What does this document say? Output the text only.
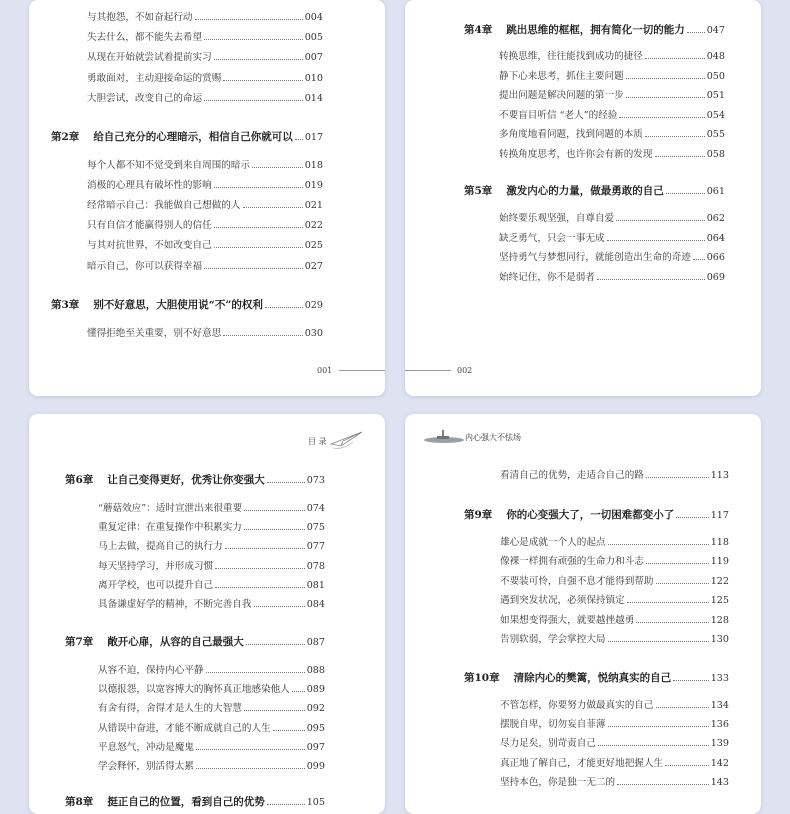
与其抱怨，不如奋起行动	004
失去什么，都不能失去希望	005
从现在开始就尝试着提前实习	007
勇敢面对，主动迎接命运的赏赐	010
大胆尝试，改变自己的命运	014
第2章 给自己充分的心理暗示，相信自己你就可以 017
每个人都不知不觉受到来自周围的暗示	018
消极的心理具有破坏性的影响	019
经常暗示自己：我能做自己想做的人	021
只有自信才能赢得别人的信任	022
与其对抗世界，不如改变自己	025
暗示自己，你可以获得幸福	027
第3章 别不好意思，大胆使用说“不”的权利	029
懂得拒绝至关重要，别不好意思	030
001
第4章 跳出思维的框框，拥有简化一切的能力 047
转换思维，往往能找到成功的捷径	048
静下心来思考，抓住主要问题	050
提出问题是解决问题的第一步	051
不要盲目听信 “老人”的经验	054
多角度地看问题，找到问题的本质	055
转换角度思考，也许你会有新的发现	058
第5章 激发内心的力量，做最勇敢的自己	061
始终要乐观坚强，自尊自爱	062
缺乏勇气，只会一事无成	064
坚持勇气与梦想同行，就能创造出生命的奇迹 066
始终记住，你不是弱者	069
002
目 录
第6章 让自己变得更好，优秀让你变强大	073
“蘑菇效应”：适时宣泄出来很重要	074
重复定律：在重复操作中积累实力	075
马上去做，提高自己的执行力	077
每天坚持学习，并形成习惯	078
离开学校，也可以提升自己	081
具备谦虚好学的精神，不断完善自我	084
第7章 敞开心扉，从容的自己最强大	087
从容不迫，保持内心平静	088
以德报怨，以宽容博大的胸怀真正地感染他人 089
有舍有得，舍得才是人生的大智慧	092
从错误中奋进，才能不断成就自己的人生	095
平息怒气，冲动是魔鬼	097
学会释怀，别活得太累	099
第8章 挺正自己的位置，看到自己的优势	105
内心强大不怯场
看清自己的优势，走适合自己的路	113
第9章 你的心变强大了，一切困难都变小了	117
雄心是成就一个人的起点	118
像裸一样拥有顽强的生命力和斗志	119
不要装可怜，自强不息才能得到帮助	122
遇到突发状况，必须保持镇定	125
如果想变得强大，就要越挫越勇	128
告别软弱，学会掌控大局	130
第10章 清除内心的樊篱，悦纳真实的自己	133
不管怎样，你要努力做最真实的自己	134
摆脱自卑，切勿妄自菲薄	136
尽力足矣，别苛责自己	139
真正地了解自己，才能更好地把握人生	142
坚持本色，你是独一无二的	143
